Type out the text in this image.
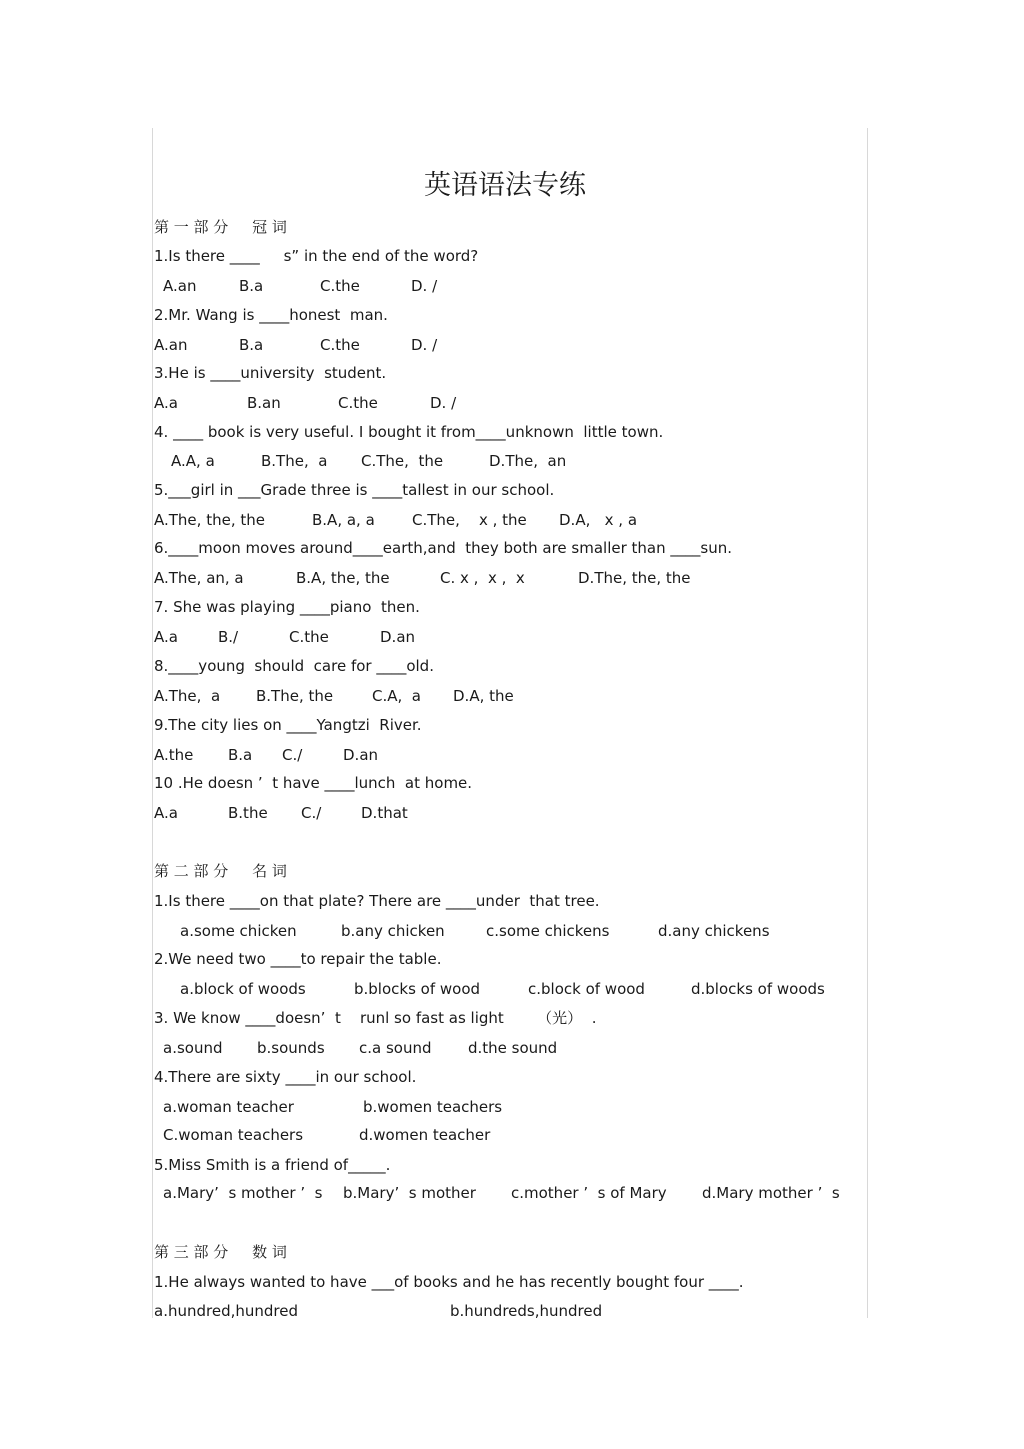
英语语法专练
第 一 部 分     冠 词
1.Is there ____     s” in the end of the word?
A.an	B.a	C.the	D. /
2.Mr. Wang is ____honest  man.
A.an	B.a	C.the	D. /
3.He is ____university  student.
A.a	B.an	C.the	D. /
4. ____ book is very useful. I bought it from____unknown  little town.
A.A, a	B.The,  a C.The,  the	D.The,  an
5.___girl in ___Grade three is ____tallest in our school.
A.The, the, the	B.A, a, a C.The,    x , the D.A,   x , a
6.____moon moves around____earth,and  they both are smaller than ____sun.
A.The, an, a	B.A, the, the	C. x ,  x ,  x	D.The, the, the
7. She was playing ____piano  then.
A.a	B./	C.the	D.an
8.____young  should  care for ____old.
A.The,  a B.The, the	C.A,  a D.A, the
9.The city lies on ____Yangtzi  River.
A.the B.a C./	D.an
10 .He doesn ’  t have ____lunch  at home.
A.a	B.the C./	D.that
第 二 部 分     名 词
1.Is there ____on that plate? There are ____under  that tree.
a.some chicken	b.any chicken	c.some chickens	d.any chickens
2.We need two ____to repair the table.
a.block of woods	b.blocks of wood	c.block of wood	d.blocks of woods
3. We know ____doesn’  t    runl so fast as light       （光）  .
a.sound b.sounds c.a sound d.the sound
4.There are sixty ____in our school.
a.woman teacher	b.women teachers
C.woman teachers	d.women teacher
5.Miss Smith is a friend of_____.
a.Mary’  s mother ’  s b.Mary’  s mother c.mother ’  s of Mary d.Mary mother ’  s
第 三 部 分     数 词
1.He always wanted to have ___of books and he has recently bought four ____.
a.hundred,hundred	b.hundreds,hundred
